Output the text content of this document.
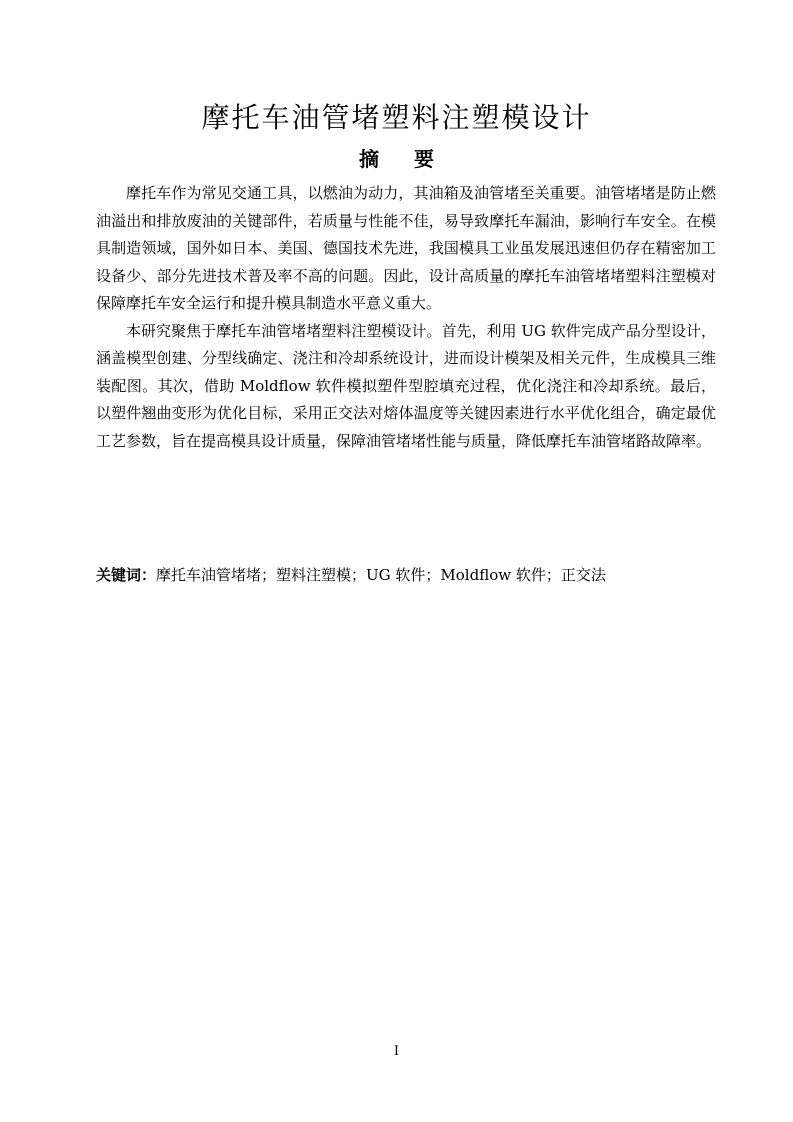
摩托车油管堵塑料注塑模设计
摘 要

摩托车作为常见交通工具，以燃油为动力，其油箱及油管堵至关重要。油管堵堵是防止燃油溢出和排放废油的关键部件，若质量与性能不佳，易导致摩托车漏油，影响行车安全。在模具制造领域，国外如日本、美国、德国技术先进，我国模具工业虽发展迅速但仍存在精密加工设备少、部分先进技术普及率不高的问题。因此，设计高质量的摩托车油管堵堵塑料注塑模对保障摩托车安全运行和提升模具制造水平意义重大。

本研究聚焦于摩托车油管堵堵塑料注塑模设计。首先，利用 UG 软件完成产品分型设计，涵盖模型创建、分型线确定、浇注和冷却系统设计，进而设计模架及相关元件，生成模具三维装配图。其次，借助 Moldflow 软件模拟塑件型腔填充过程，优化浇注和冷却系统。最后，以塑件翘曲变形为优化目标，采用正交法对熔体温度等关键因素进行水平优化组合，确定最优工艺参数，旨在提高模具设计质量，保障油管堵堵性能与质量，降低摩托车油管堵路故障率。

关键词：摩托车油管堵堵；塑料注塑模；UG 软件；Moldflow 软件；正交法
I
